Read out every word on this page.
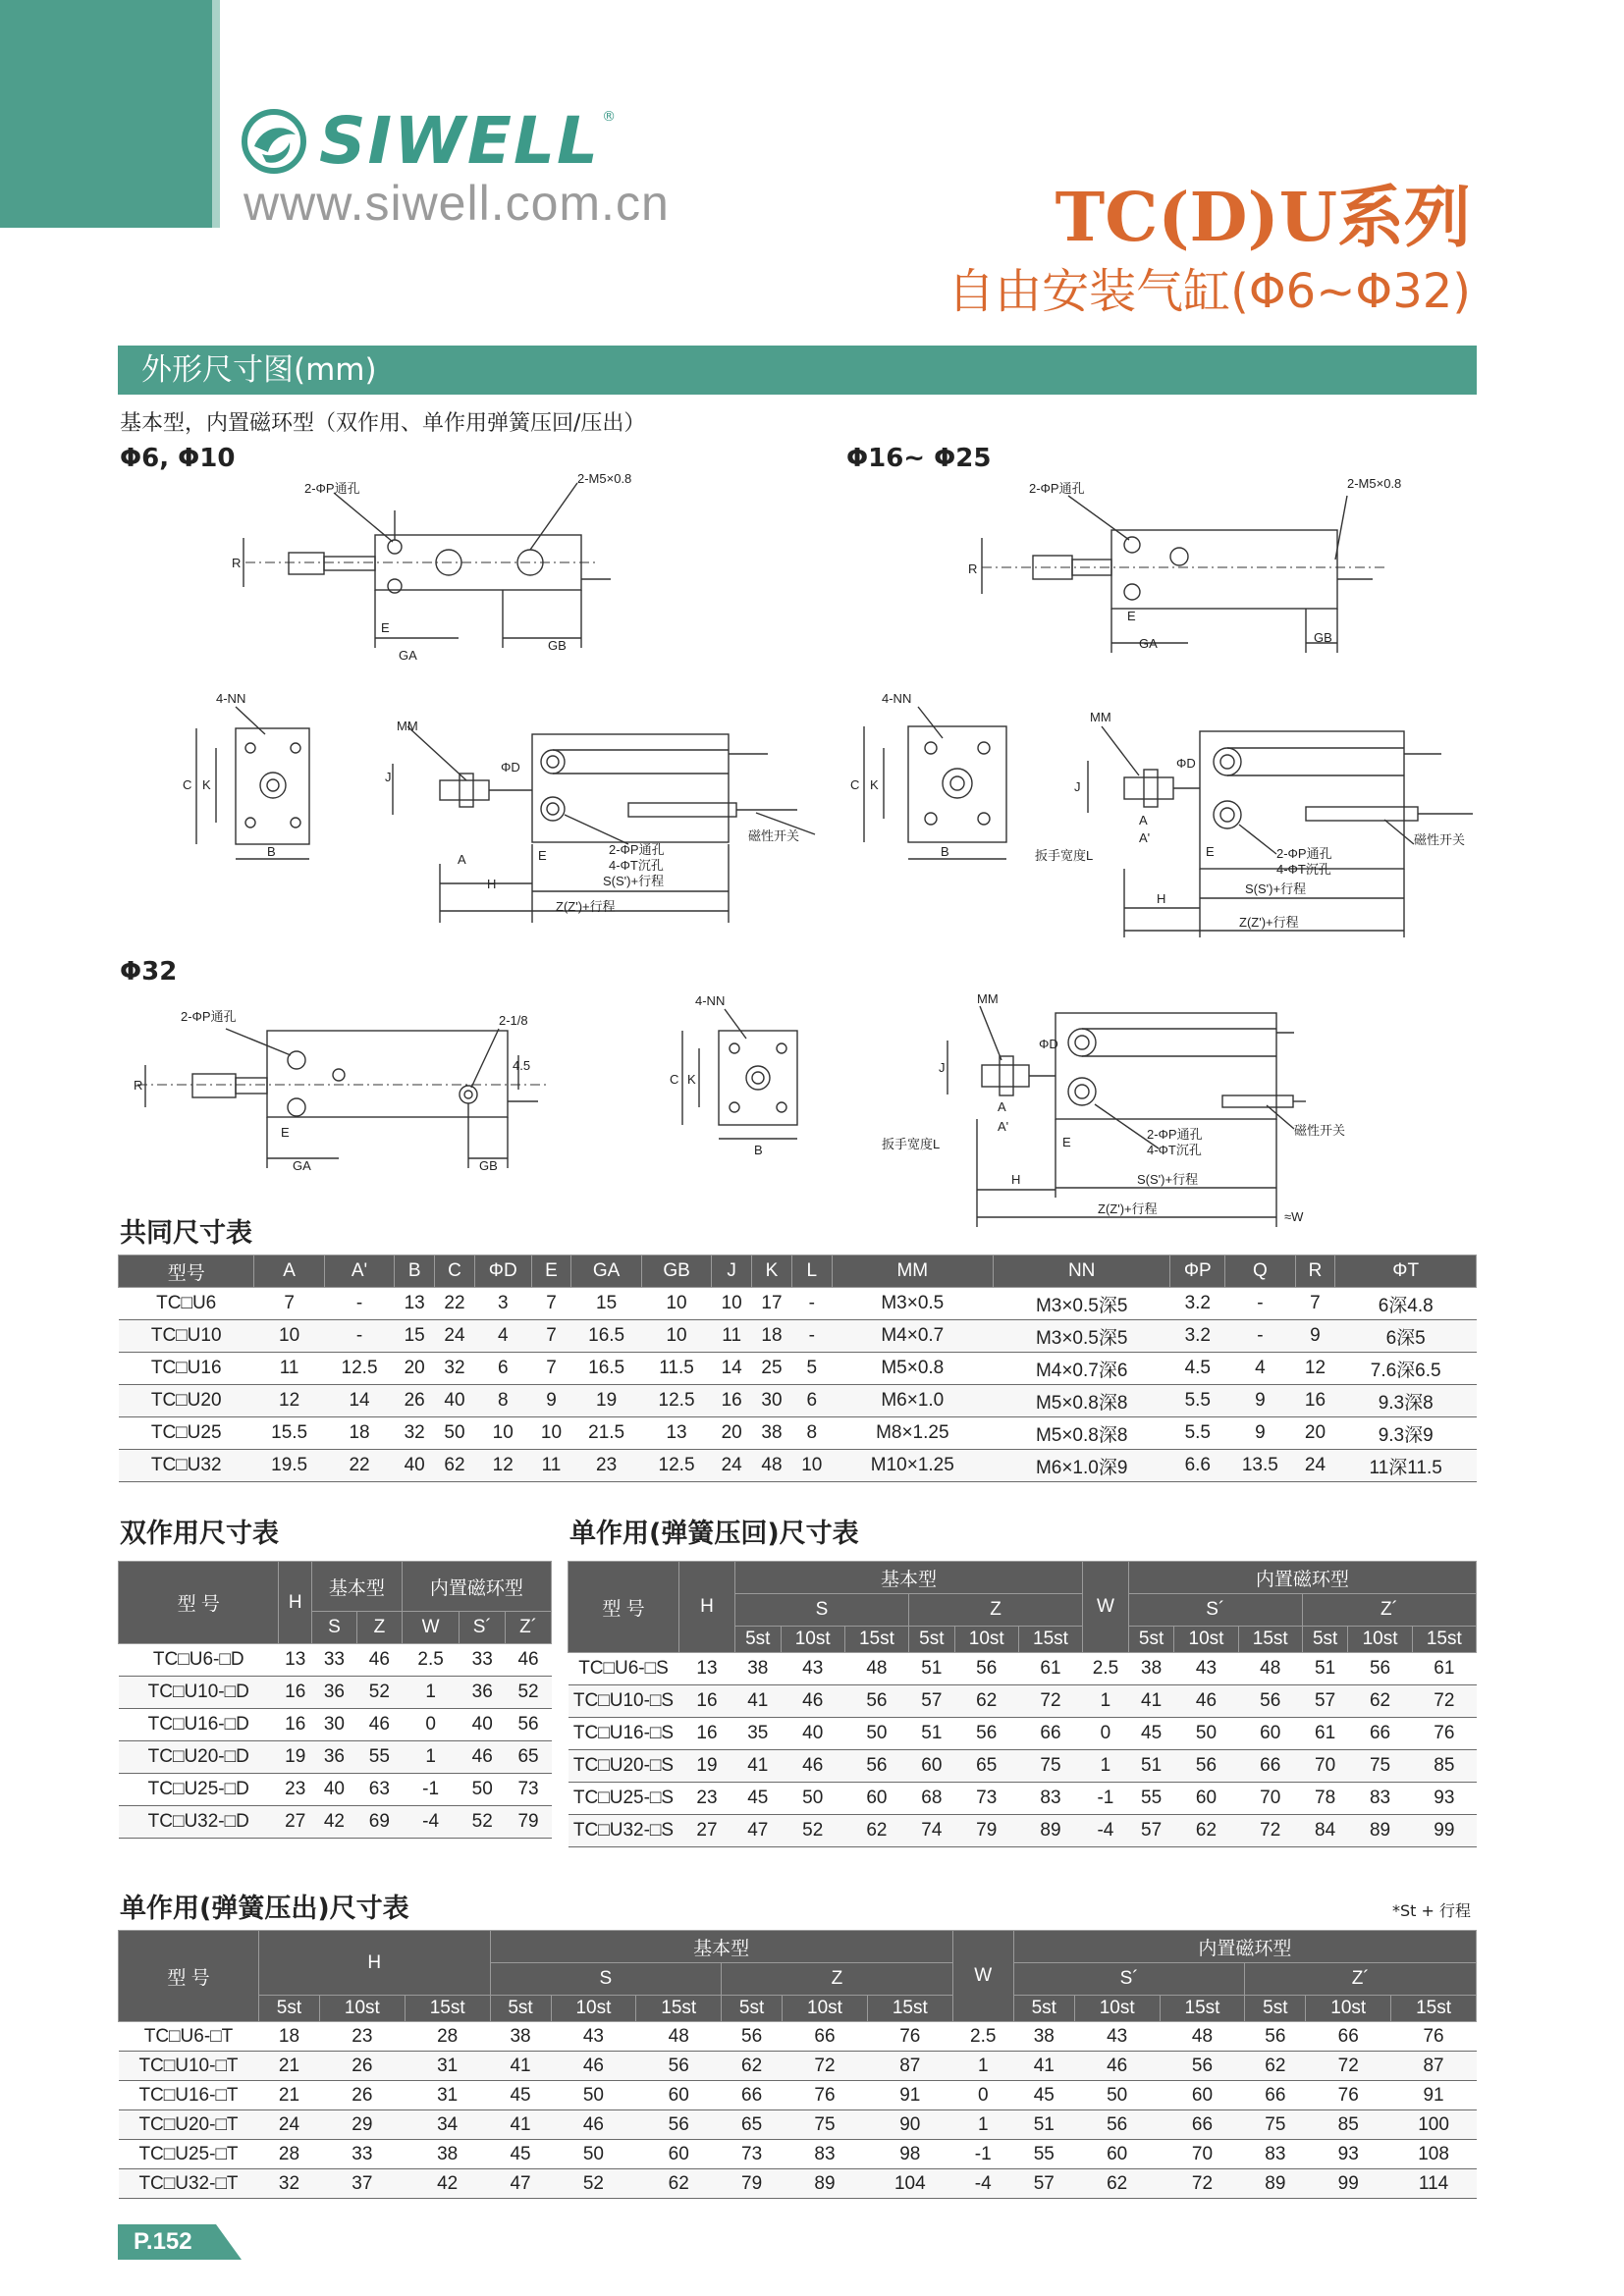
SIWELL ®
www.siwell.com.cn	TC(D)U系列
自由安装气缸(Φ6~Φ32)
外形尺寸图(mm)
基本型，内置磁环型（双作用、单作用弹簧压回/压出）
Φ6, Φ10	Φ16~ Φ25
Φ32
2-ΦP通孔
2-M5×0.8
R
E
GA
GB
4-NN
C K
B
MM
J
ΦD
A	E
H
2-ΦP通孔
4-ΦT沉孔
S(S')+行程
Z(Z')+行程
磁性开关
2-ΦP通孔	2-M5×0.8
R
E
GA	GB
4-NN
C K
B
MM
J
ΦD
A
A'
扳手宽度L	E
H
2-ΦP通孔
4-ΦT沉孔
S(S')+行程
Z(Z')+行程
磁性开关
2-ΦP通孔	2-1/8
4.5
R
E
GA	GB
4-NN
C K
B
MM
J
ΦD
A
A'
扳手宽度L	E
H
2-ΦP通孔
4-ΦT沉孔
S(S')+行程
Z(Z')+行程
磁性开关
≈W
共同尺寸表
型号	A	A'	B	C	ΦD	E	GA	GB	J	K	L	MM	NN	ΦP	Q	R	ΦT
TC□U6	7	-	13	22	3	7	15	10	10	17	-	M3×0.5	M3×0.5深5	3.2	-	7	6深4.8
TC□U10	10	-	15	24	4	7	16.5	10	11	18	-	M4×0.7	M3×0.5深5	3.2	-	9	6深5
TC□U16	11	12.5	20	32	6	7	16.5	11.5	14	25	5	M5×0.8	M4×0.7深6	4.5	4	12	7.6深6.5
TC□U20	12	14	26	40	8	9	19	12.5	16	30	6	M6×1.0	M5×0.8深8	5.5	9	16	9.3深8
TC□U25	15.5	18	32	50	10	10	21.5	13	20	38	8	M8×1.25	M5×0.8深8	5.5	9	20	9.3深9
TC□U32	19.5	22	40	62	12	11	23	12.5	24	48	10	M10×1.25	M6×1.0深9	6.6	13.5	24	11深11.5
双作用尺寸表
型 号	H	基本型		内置磁环型		
		S	Z	W	S´	Z´
TC□U6-□D	13	33	46	2.5	33	46
TC□U10-□D	16	36	52	1	36	52
TC□U16-□D	16	30	46	0	40	56
TC□U20-□D	19	36	55	1	46	65
TC□U25-□D	23	40	63	-1	50	73
TC□U32-□D	27	42	69	-4	52	79
单作用(弹簧压回)尺寸表
型 号	H	基本型						W	内置磁环型					
		S			Z				S´			Z´		
		5st	10st	15st	5st	10st	15st		5st	10st	15st	5st	10st	15st
TC□U6-□S	13	38	43	48	51	56	61	2.5	38	43	48	51	56	61
TC□U10-□S	16	41	46	56	57	62	72	1	41	46	56	57	62	72
TC□U16-□S	16	35	40	50	51	56	66	0	45	50	60	61	66	76
TC□U20-□S	19	41	46	56	60	65	75	1	51	56	66	70	75	85
TC□U25-□S	23	45	50	60	68	73	83	-1	55	60	70	78	83	93
TC□U32-□S	27	47	52	62	74	79	89	-4	57	62	72	84	89	99
单作用(弹簧压出)尺寸表	*St + 行程
型 号	H			基本型						W	内置磁环型					
				S			Z				S´			Z´		
	5st	10st	15st	5st	10st	15st	5st	10st	15st		5st	10st	15st	5st	10st	15st
TC□U6-□T	18	23	28	38	43	48	56	66	76	2.5	38	43	48	56	66	76
TC□U10-□T	21	26	31	41	46	56	62	72	87	1	41	46	56	62	72	87
TC□U16-□T	21	26	31	45	50	60	66	76	91	0	45	50	60	66	76	91
TC□U20-□T	24	29	34	41	46	56	65	75	90	1	51	56	66	75	85	100
TC□U25-□T	28	33	38	45	50	60	73	83	98	-1	55	60	70	83	93	108
TC□U32-□T	32	37	42	47	52	62	79	89	104	-4	57	62	72	89	99	114
P.152
